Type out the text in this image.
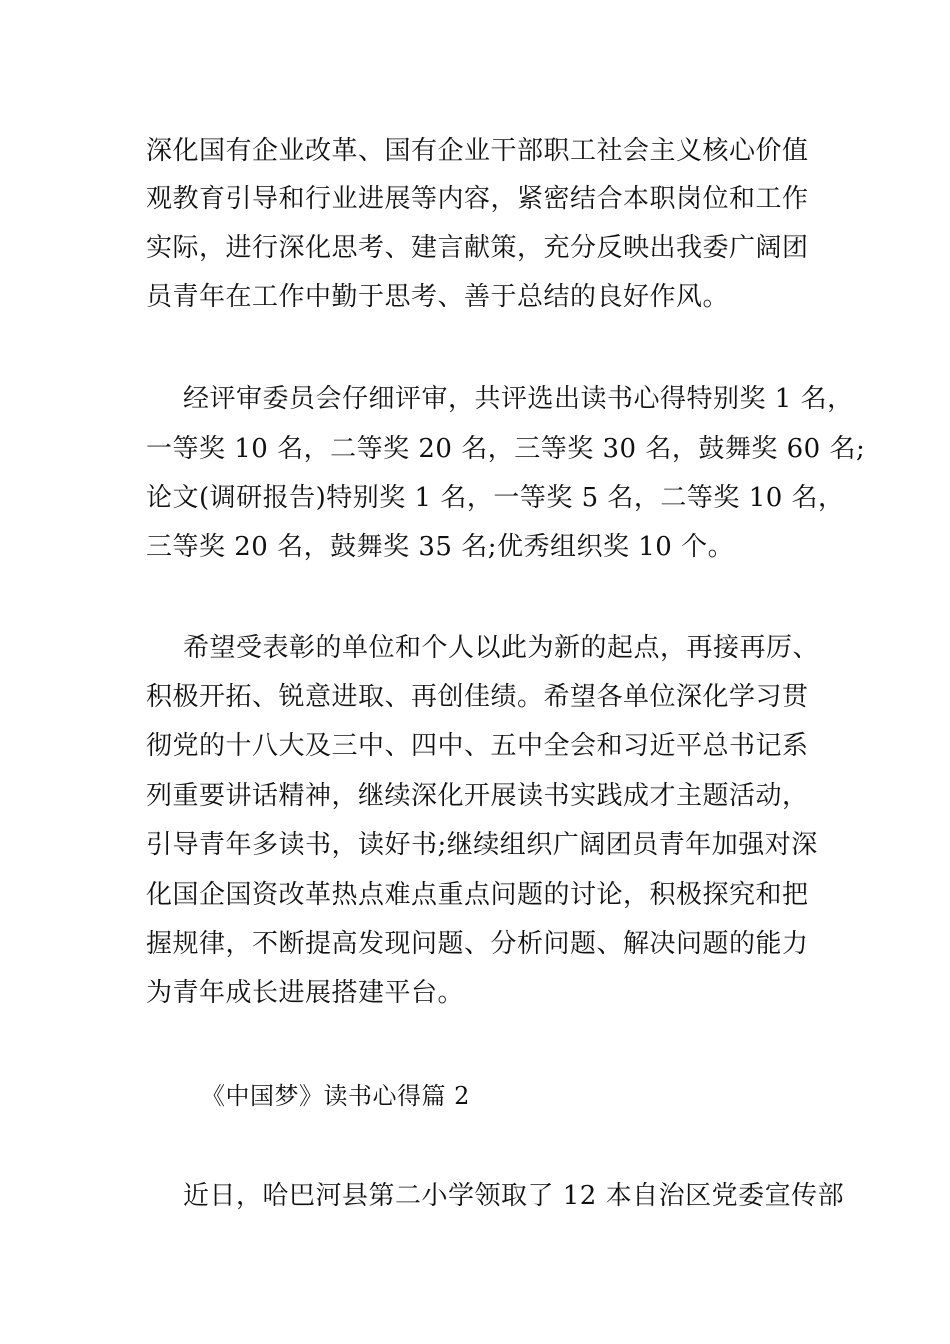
深化国有企业改革、国有企业干部职工社会主义核心价值
观教育引导和行业进展等内容，紧密结合本职岗位和工作
实际，进行深化思考、建言献策，充分反映出我委广阔团
员青年在工作中勤于思考、善于总结的良好作风。
经评审委员会仔细评审，共评选出读书心得特别奖 1 名，
一等奖 10 名，二等奖 20 名，三等奖 30 名，鼓舞奖 60 名;
论文(调研报告)特别奖 1 名，一等奖 5 名，二等奖 10 名，
三等奖 20 名，鼓舞奖 35 名;优秀组织奖 10 个。
希望受表彰的单位和个人以此为新的起点，再接再厉、
积极开拓、锐意进取、再创佳绩。希望各单位深化学习贯
彻党的十八大及三中、四中、五中全会和习近平总书记系
列重要讲话精神，继续深化开展读书实践成才主题活动，
引导青年多读书，读好书;继续组织广阔团员青年加强对深
化国企国资改革热点难点重点问题的讨论，积极探究和把
握规律，不断提高发现问题、分析问题、解决问题的能力
为青年成长进展搭建平台。
《中国梦》读书心得篇 2
近日，哈巴河县第二小学领取了 12 本自治区党委宣传部
